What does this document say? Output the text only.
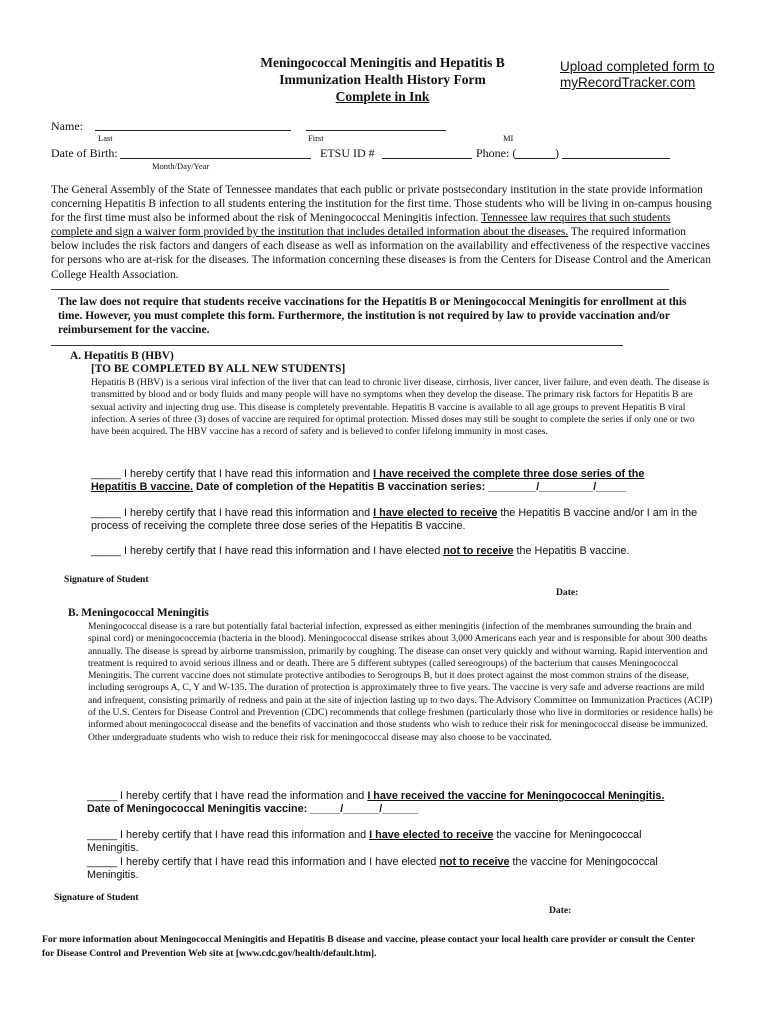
Meningococcal Meningitis and Hepatitis B
Immunization Health History Form
Complete in Ink
Upload completed form to
myRecordTracker.com
Name:
Last	First	MI
Date of Birth:	ETSU ID #	Phone: (	)
Month/Day/Year
The General Assembly of the State of Tennessee mandates that each public or private postsecondary institution in the state provide information concerning Hepatitis B infection to all students entering the institution for the first time. Those students who will be living in on-campus housing for the first time must also be informed about the risk of Meningococcal Meningitis infection. Tennessee law requires that such students complete and sign a waiver form provided by the institution that includes detailed information about the diseases. The required information below includes the risk factors and dangers of each disease as well as information on the availability and effectiveness of the respective vaccines for persons who are at-risk for the diseases. The information concerning these diseases is from the Centers for Disease Control and the American College Health Association.
The law does not require that students receive vaccinations for the Hepatitis B or Meningococcal Meningitis for enrollment at this time. However, you must complete this form. Furthermore, the institution is not required by law to provide vaccination and/or reimbursement for the vaccine.
A. Hepatitis B (HBV)
[TO BE COMPLETED BY ALL NEW STUDENTS]
Hepatitis B (HBV) is a serious viral infection of the liver that can lead to chronic liver disease, cirrhosis, liver cancer, liver failure, and even death. The disease is transmitted by blood and or body fluids and many people will have no symptoms when they develop the disease. The primary risk factors for Hepatitis B are sexual activity and injecting drug use. This disease is completely preventable. Hepatitis B vaccine is available to all age groups to prevent Hepatitis B viral infection. A series of three (3) doses of vaccine are required for optimal protection. Missed doses may still be sought to complete the series if only one or two have been acquired. The HBV vaccine has a record of safety and is believed to confer lifelong immunity in most cases.
_____ I hereby certify that I have read this information and I have received the complete three dose series of the Hepatitis B vaccine. Date of completion of the Hepatitis B vaccination series: ________/_________/_____
_____ I hereby certify that I have read this information and I have elected to receive the Hepatitis B vaccine and/or I am in the process of receiving the complete three dose series of the Hepatitis B vaccine.
_____ I hereby certify that I have read this information and I have elected not to receive the Hepatitis B vaccine.
Signature of Student
Date:
B. Meningococcal Meningitis
Meningococcal disease is a rare but potentially fatal bacterial infection, expressed as either meningitis (infection of the membranes surrounding the brain and spinal cord) or meningococcemia (bacteria in the blood). Meningococcal disease strikes about 3,000 Americans each year and is responsible for about 300 deaths annually. The disease is spread by airborne transmission, primarily by coughing. The disease can onset very quickly and without warning. Rapid intervention and treatment is required to avoid serious illness and or death. There are 5 different subtypes (called sereogroups) of the bacterium that causes Meningococcal Meningitis. The current vaccine does not stimulate protective antibodies to Serogroups B, but it does protect against the most common strains of the disease, including serogroups A, C, Y and W-135. The duration of protection is approximately three to five years. The vaccine is very safe and adverse reactions are mild and infrequent, consisting primarily of redness and pain at the site of injection lasting up to two days. The Advisory Committee on Immunization Practices (ACIP) of the U.S. Centers for Disease Control and Prevention (CDC) recommends that college freshmen (particularly those who live in dormitories or residence halls) be informed about meningococcal disease and the benefits of vaccination and those students who wish to reduce their risk for meningococcal disease be immunized. Other undergraduate students who wish to reduce their risk for meningococcal disease may also choose to be vaccinated.
_____ I hereby certify that I have read the information and I have received the vaccine for Meningococcal Meningitis.
Date of Meningococcal Meningitis vaccine: _____/______/______
_____ I hereby certify that I have read this information and I have elected to receive the vaccine for Meningococcal Meningitis.
_____ I hereby certify that I have read this information and I have elected not to receive the vaccine for Meningococcal Meningitis.
Signature of Student
Date:
For more information about Meningococcal Meningitis and Hepatitis B disease and vaccine, please contact your local health care provider or consult the Center for Disease Control and Prevention Web site at [www.cdc.gov/health/default.htm].
